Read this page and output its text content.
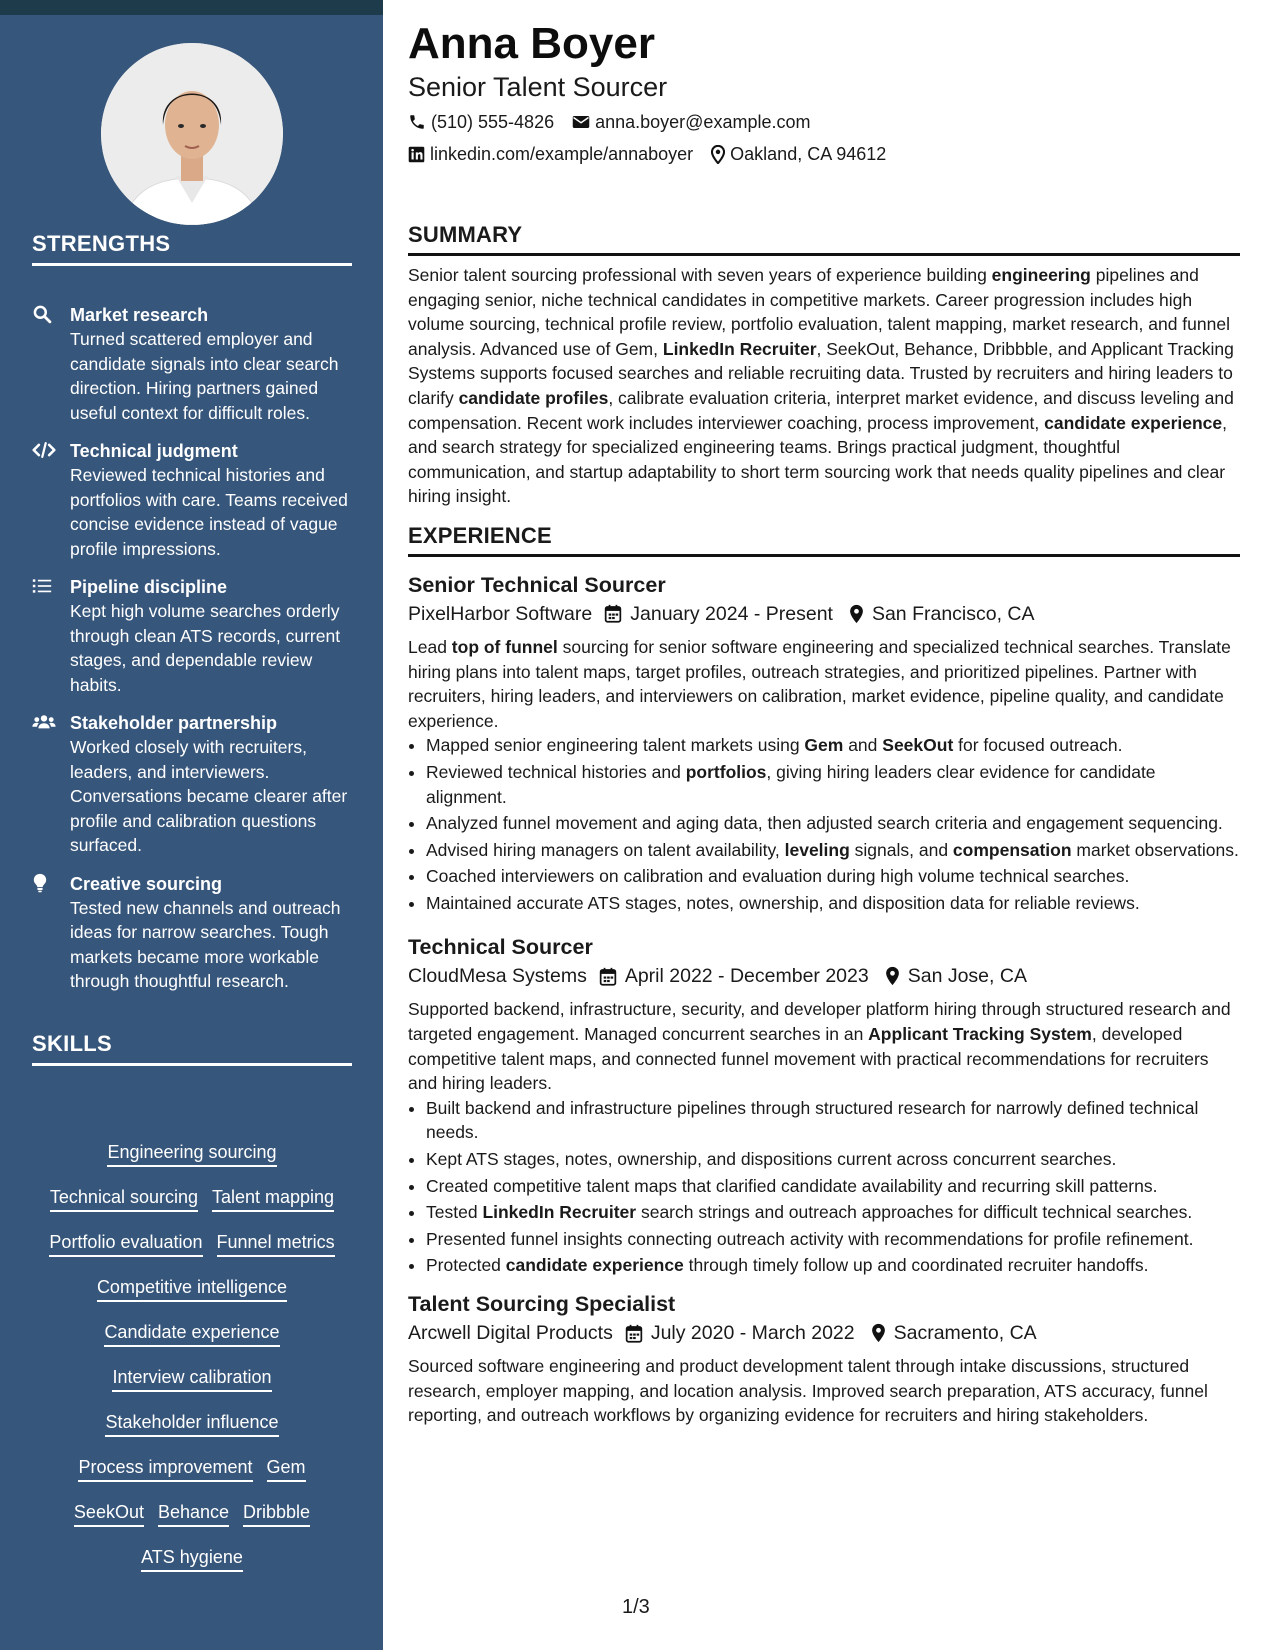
STRENGTHS
Market research
Turned scattered employer and candidate signals into clear search direction. Hiring partners gained useful context for difficult roles.
Technical judgment
Reviewed technical histories and portfolios with care. Teams received concise evidence instead of vague profile impressions.
Pipeline discipline
Kept high volume searches orderly through clean ATS records, current stages, and dependable review habits.
Stakeholder partnership
Worked closely with recruiters, leaders, and interviewers. Conversations became clearer after profile and calibration questions surfaced.
Creative sourcing
Tested new channels and outreach ideas for narrow searches. Tough markets became more workable through thoughtful research.
SKILLS
Engineering sourcing
Technical sourcing Talent mapping
Portfolio evaluation Funnel metrics
Competitive intelligence
Candidate experience
Interview calibration
Stakeholder influence
Process improvement Gem
SeekOut Behance Dribbble
ATS hygiene
Anna Boyer
Senior Talent Sourcer
(510) 555-4826 anna.boyer@example.com
linkedin.com/example/annaboyer Oakland, CA 94612
SUMMARY
Senior talent sourcing professional with seven years of experience building engineering pipelines and engaging senior, niche technical candidates in competitive markets. Career progression includes high volume sourcing, technical profile review, portfolio evaluation, talent mapping, market research, and funnel analysis. Advanced use of Gem, LinkedIn Recruiter, SeekOut, Behance, Dribbble, and Applicant Tracking Systems supports focused searches and reliable recruiting data. Trusted by recruiters and hiring leaders to clarify candidate profiles, calibrate evaluation criteria, interpret market evidence, and discuss leveling and compensation. Recent work includes interviewer coaching, process improvement, candidate experience, and search strategy for specialized engineering teams. Brings practical judgment, thoughtful communication, and startup adaptability to short term sourcing work that needs quality pipelines and clear hiring insight.
EXPERIENCE
Senior Technical Sourcer
PixelHarbor Software January 2024 - Present San Francisco, CA
Lead top of funnel sourcing for senior software engineering and specialized technical searches. Translate hiring plans into talent maps, target profiles, outreach strategies, and prioritized pipelines. Partner with recruiters, hiring leaders, and interviewers on calibration, market evidence, pipeline quality, and candidate experience.
• Mapped senior engineering talent markets using Gem and SeekOut for focused outreach.
• Reviewed technical histories and portfolios, giving hiring leaders clear evidence for candidate alignment.
• Analyzed funnel movement and aging data, then adjusted search criteria and engagement sequencing.
• Advised hiring managers on talent availability, leveling signals, and compensation market observations.
• Coached interviewers on calibration and evaluation during high volume technical searches.
• Maintained accurate ATS stages, notes, ownership, and disposition data for reliable reviews.
Technical Sourcer
CloudMesa Systems April 2022 - December 2023 San Jose, CA
Supported backend, infrastructure, security, and developer platform hiring through structured research and targeted engagement. Managed concurrent searches in an Applicant Tracking System, developed competitive talent maps, and connected funnel movement with practical recommendations for recruiters and hiring leaders.
• Built backend and infrastructure pipelines through structured research for narrowly defined technical needs.
• Kept ATS stages, notes, ownership, and dispositions current across concurrent searches.
• Created competitive talent maps that clarified candidate availability and recurring skill patterns.
• Tested LinkedIn Recruiter search strings and outreach approaches for difficult technical searches.
• Presented funnel insights connecting outreach activity with recommendations for profile refinement.
• Protected candidate experience through timely follow up and coordinated recruiter handoffs.
Talent Sourcing Specialist
Arcwell Digital Products July 2020 - March 2022 Sacramento, CA
Sourced software engineering and product development talent through intake discussions, structured research, employer mapping, and location analysis. Improved search preparation, ATS accuracy, funnel reporting, and outreach workflows by organizing evidence for recruiters and hiring stakeholders.
1/3
